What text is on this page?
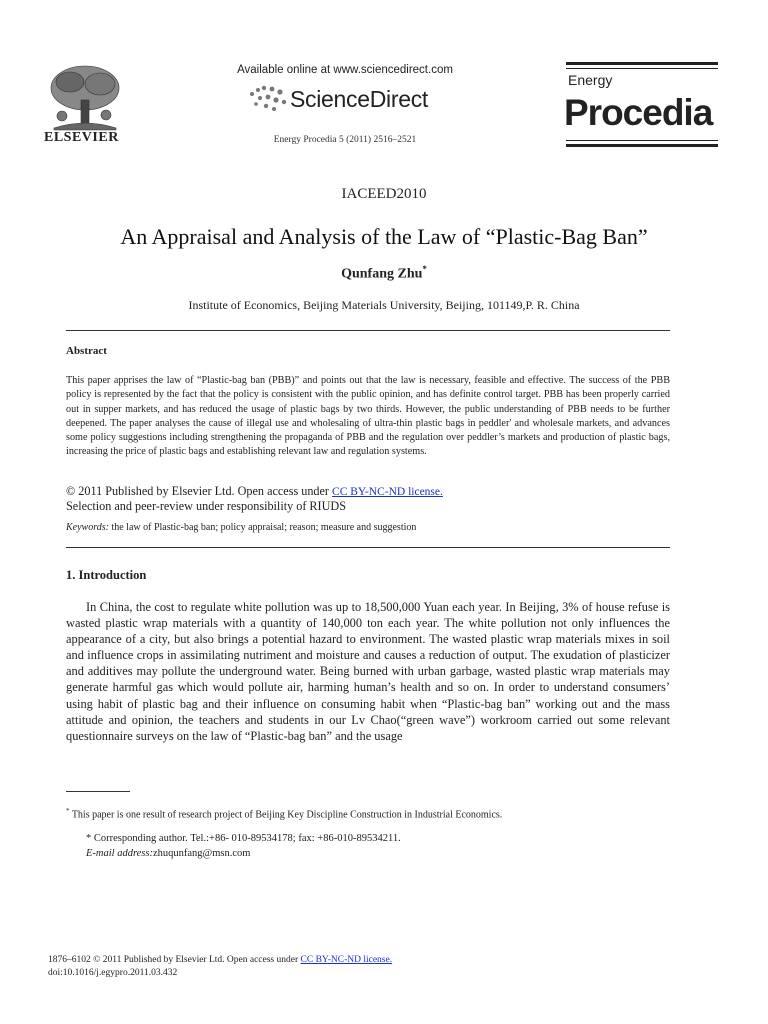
ELSEVIER
Available online at www.sciencedirect.com
ScienceDirect
Energy Procedia 5 (2011) 2516–2521
Energy
Procedia
IACEED2010
An Appraisal and Analysis of the Law of “Plastic-Bag Ban”
Qunfang Zhu*
Institute of Economics, Beijing Materials University, Beijing, 101149,P. R. China
Abstract
This paper apprises the law of “Plastic-bag ban (PBB)” and points out that the law is necessary, feasible and effective. The success of the PBB policy is represented by the fact that the policy is consistent with the public opinion, and has definite control target. PBB has been properly carried out in supper markets, and has reduced the usage of plastic bags by two thirds. However, the public understanding of PBB needs to be further deepened. The paper analyses the cause of illegal use and wholesaling of ultra-thin plastic bags in peddler' and wholesale markets, and advances some policy suggestions including strengthening the propaganda of PBB and the regulation over peddler’s markets and production of plastic bags, increasing the price of plastic bags and establishing relevant law and regulation systems.
© 2011 Published by Elsevier Ltd. Open access under CC BY-NC-ND license.
Selection and peer-review under responsibility of RIUDS
Keywords: the law of Plastic-bag ban; policy appraisal; reason; measure and suggestion
1. Introduction
In China, the cost to regulate white pollution was up to 18,500,000 Yuan each year. In Beijing, 3% of house refuse is wasted plastic wrap materials with a quantity of 140,000 ton each year. The white pollution not only influences the appearance of a city, but also brings a potential hazard to environment. The wasted plastic wrap materials mixes in soil and influence crops in assimilating nutriment and moisture and causes a reduction of output. The exudation of plasticizer and additives may pollute the underground water. Being burned with urban garbage, wasted plastic wrap materials may generate harmful gas which would pollute air, harming human’s health and so on. In order to understand consumers’ using habit of plastic bag and their influence on consuming habit when “Plastic-bag ban” working out and the mass attitude and opinion, the teachers and students in our Lv Chao(“green wave”) workroom carried out some relevant questionnaire surveys on the law of “Plastic-bag ban” and the usage
* This paper is one result of research project of Beijing Key Discipline Construction in Industrial Economics.
* Corresponding author. Tel.:+86- 010-89534178; fax: +86-010-89534211.
E-mail address:zhuqunfang@msn.com
1876–6102 © 2011 Published by Elsevier Ltd. Open access under CC BY-NC-ND license.
doi:10.1016/j.egypro.2011.03.432
